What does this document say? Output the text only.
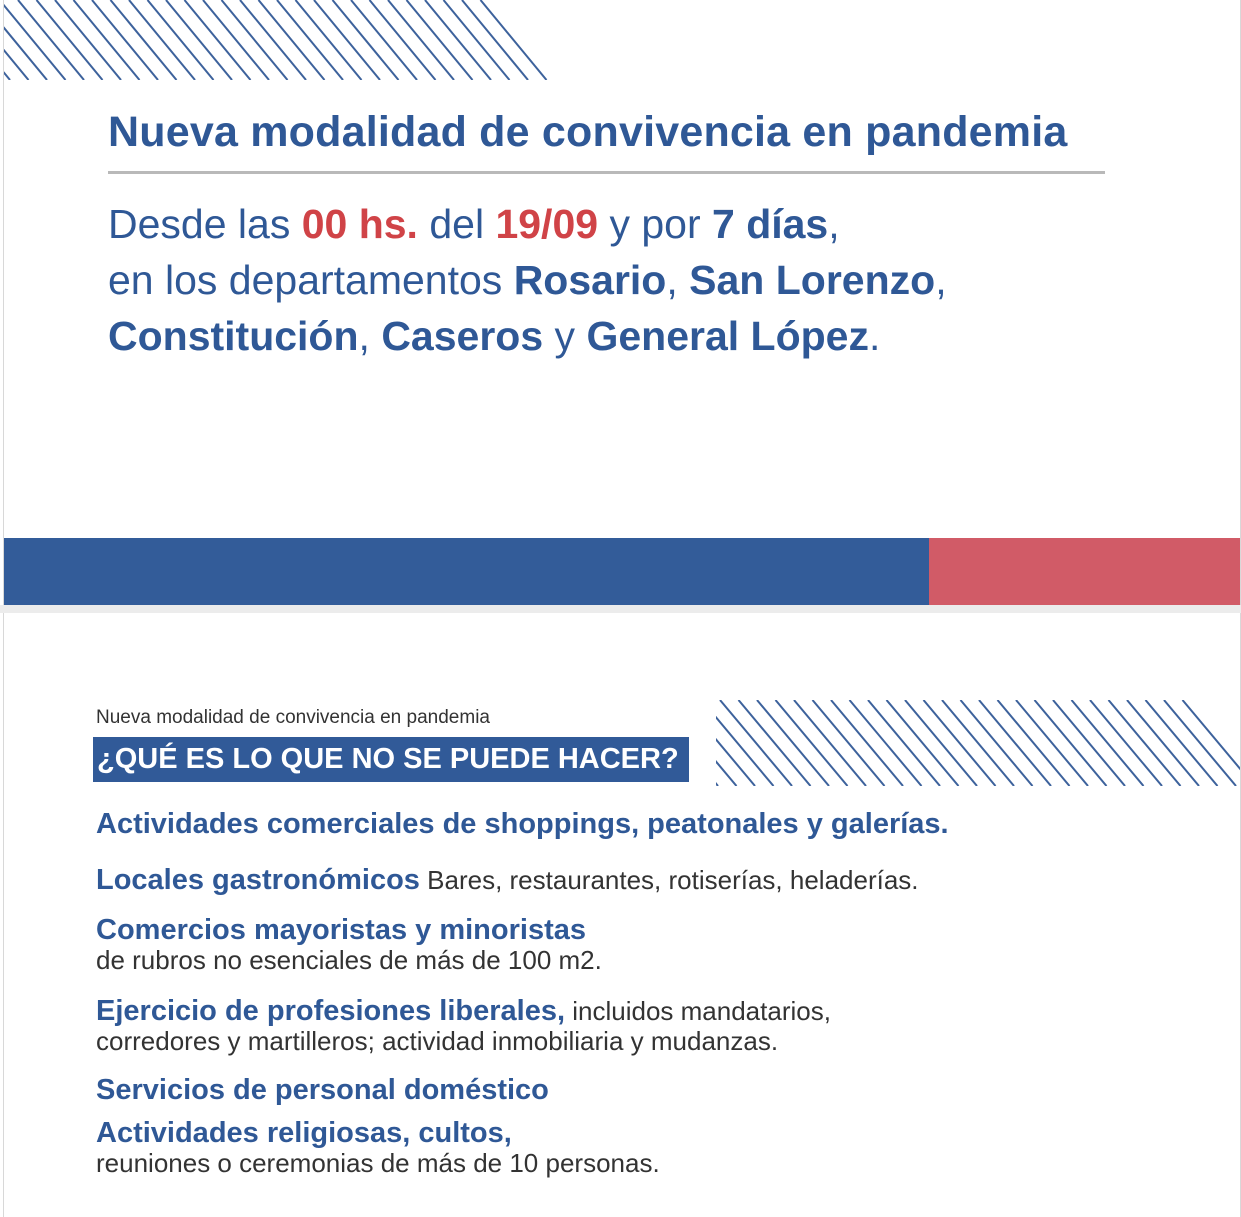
Nueva modalidad de convivencia en pandemia
Desde las 00 hs. del 19/09 y por 7 días,
en los departamentos Rosario, San Lorenzo,
Constitución, Caseros y General López.
Nueva modalidad de convivencia en pandemia
¿QUÉ ES LO QUE NO SE PUEDE HACER?
Actividades comerciales de shoppings, peatonales y galerías.
Locales gastronómicos Bares, restaurantes, rotiserías, heladerías.
Comercios mayoristas y minoristas
de rubros no esenciales de más de 100 m2.
Ejercicio de profesiones liberales, incluidos mandatarios,
corredores y martilleros; actividad inmobiliaria y mudanzas.
Servicios de personal doméstico
Actividades religiosas, cultos,
reuniones o ceremonias de más de 10 personas.
